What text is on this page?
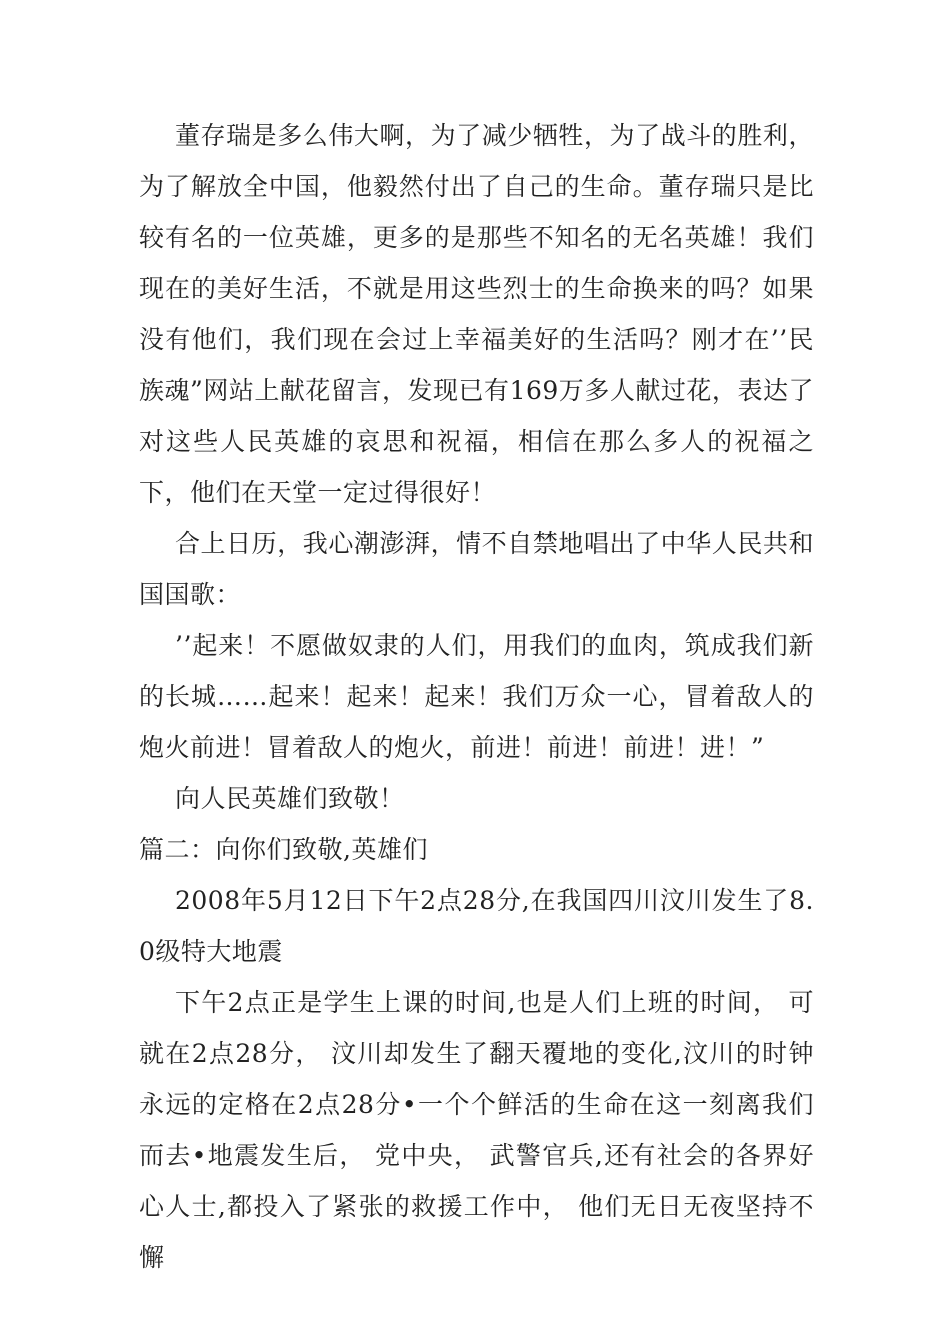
董存瑞是多么伟大啊，为了减少牺牲，为了战斗的胜利，为了解放全中国，他毅然付出了自己的生命。董存瑞只是比较有名的一位英雄，更多的是那些不知名的无名英雄！我们现在的美好生活，不就是用这些烈士的生命换来的吗？如果没有他们，我们现在会过上幸福美好的生活吗？刚才在’’民族魂”网站上献花留言，发现已有169万多人献过花，表达了对这些人民英雄的哀思和祝福，相信在那么多人的祝福之下，他们在天堂一定过得很好！

合上日历，我心潮澎湃，情不自禁地唱出了中华人民共和国国歌：

’’起来！不愿做奴隶的人们，用我们的血肉，筑成我们新的长城……起来！起来！起来！我们万众一心，冒着敌人的炮火前进！冒着敌人的炮火，前进！前进！前进！进！”

向人民英雄们致敬！

篇二：向你们致敬,英雄们

2008年5月12日下午2点28分,在我国四川汶川发生了8.0级特大地震

下午2点正是学生上课的时间,也是人们上班的时间， 可就在2点28分， 汶川却发生了翻天覆地的变化,汶川的时钟永远的定格在2点28分•一个个鲜活的生命在这一刻离我们而去•地震发生后， 党中央， 武警官兵,还有社会的各界好心人士,都投入了紧张的救援工作中， 他们无日无夜坚持不懈
